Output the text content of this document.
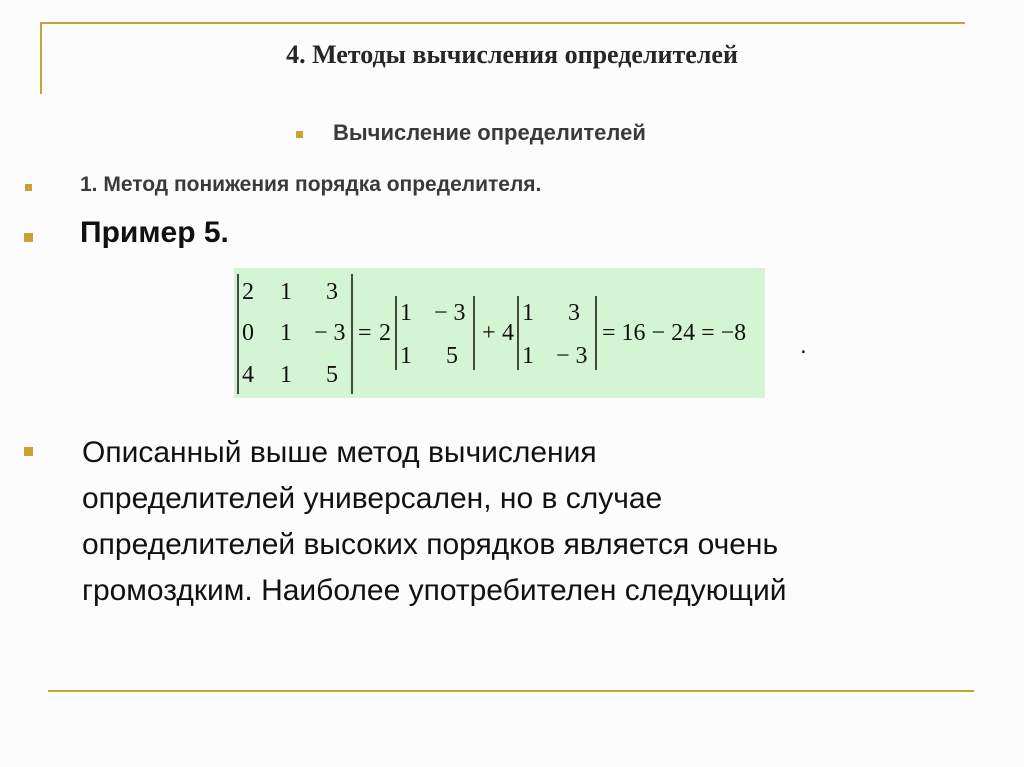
4. Методы вычисления определителей
Вычисление определителей
1. Метод понижения порядка определителя.
Пример 5.
2 1 3
0 1 − 3
4 1 5
= 2
1 − 3
1 5
+ 4
1 3
1 − 3
= 16 − 24 = −8 .
Описанный выше метод вычисления
определителей универсален, но в случае
определителей высоких порядков является очень
громоздким. Наиболее употребителен следующий
